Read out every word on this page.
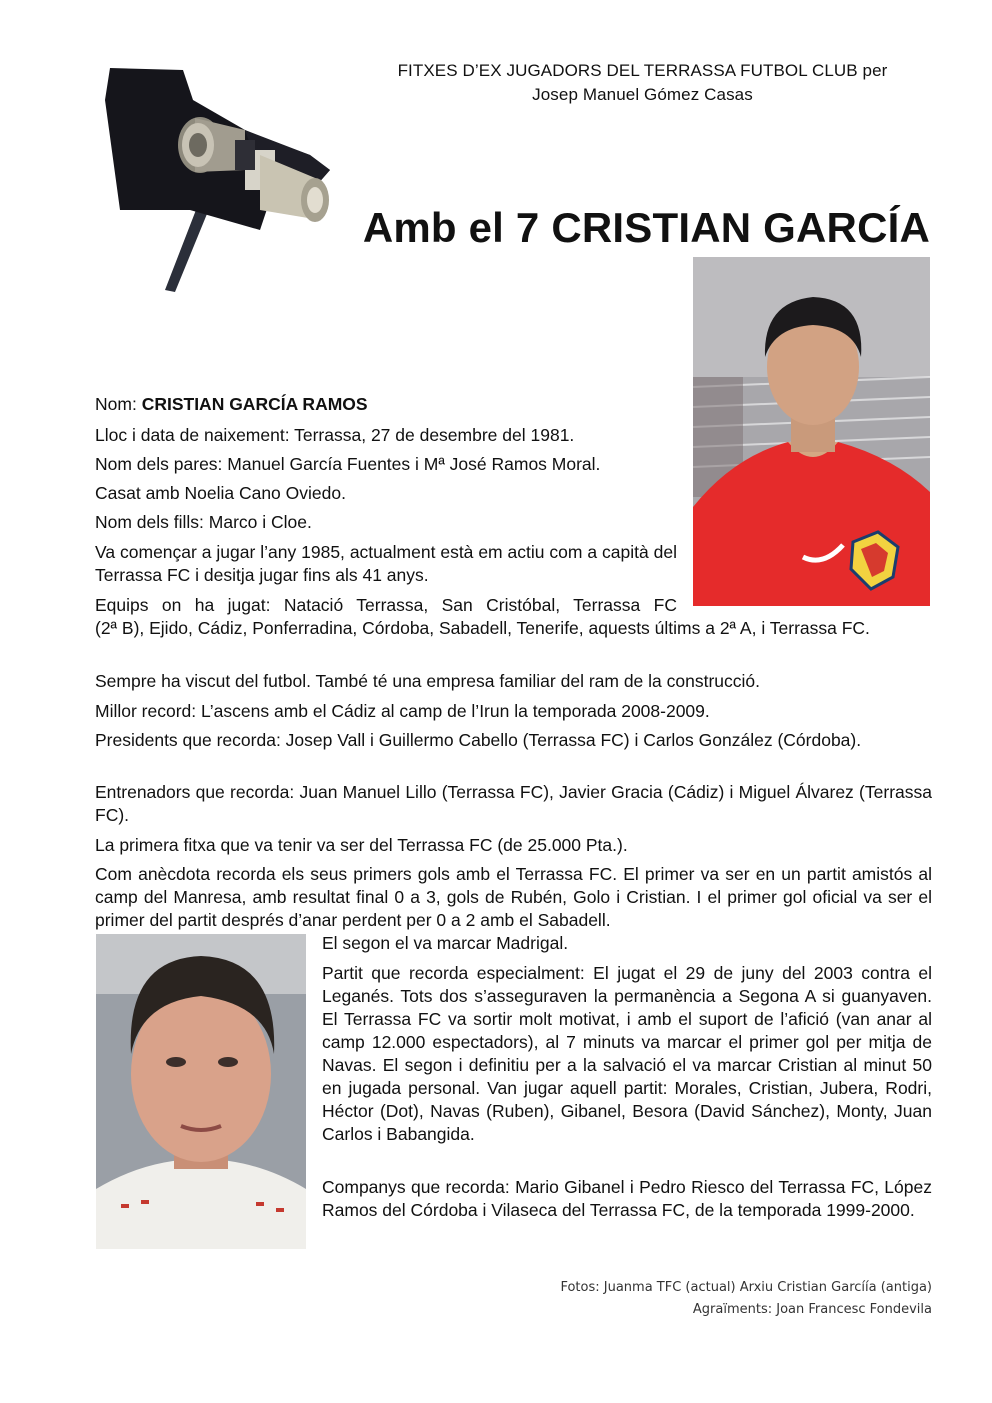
FITXES D’EX JUGADORS DEL TERRASSA FUTBOL CLUB per
Josep Manuel Gómez Casas
Amb el 7 CRISTIAN GARCÍA
Nom: CRISTIAN GARCÍA RAMOS
Lloc i data de naixement: Terrassa, 27 de desembre del 1981.
Nom dels pares: Manuel García Fuentes i Mª José Ramos Moral.
Casat amb Noelia Cano Oviedo.
Nom dels fills: Marco i Cloe.
Va començar a jugar l’any 1985, actualment està em actiu com a capità del Terrassa FC i desitja jugar fins als 41 anys.
Equips on ha jugat: Natació Terrassa, San Cristóbal, Terrassa FC
(2ª B), Ejido, Cádiz, Ponferradina, Córdoba, Sabadell, Tenerife, aquests últims a 2ª A, i Terrassa FC.
Sempre ha viscut del futbol. També té una empresa familiar del ram de la construcció.
Millor record: L’ascens amb el Cádiz al camp de l’Irun la temporada 2008-2009.
Presidents que recorda: Josep Vall i Guillermo Cabello (Terrassa FC) i Carlos González (Córdoba).
Entrenadors que recorda: Juan Manuel Lillo (Terrassa FC), Javier Gracia (Cádiz) i Miguel Álvarez (Terrassa FC).
La primera fitxa que va tenir va ser del Terrassa FC (de 25.000 Pta.).
Com anècdota recorda els seus primers gols amb el Terrassa FC. El primer va ser en un partit amistós al camp del Manresa, amb resultat final 0 a 3, gols de Rubén, Golo i Cristian. I el primer gol oficial va ser el primer del partit després d’anar perdent per 0 a 2 amb el Sabadell.
El segon el va marcar Madrigal.
Partit que recorda especialment: El jugat el 29 de juny del 2003 contra el Leganés. Tots dos s’asseguraven la permanència a Segona A si guanyaven. El Terrassa FC va sortir molt motivat, i amb el suport de l’afició (van anar al camp 12.000 espectadors), al 7 minuts va marcar el primer gol per mitja de Navas. El segon i definitiu per a la salvació el va marcar Cristian al minut 50 en jugada personal. Van jugar aquell partit: Morales, Cristian, Jubera, Rodri, Héctor (Dot), Navas (Ruben), Gibanel, Besora (David Sánchez), Monty, Juan Carlos i Babangida.
Companys que recorda: Mario Gibanel i Pedro Riesco del Terrassa FC, López Ramos del Córdoba i Vilaseca del Terrassa FC, de la temporada 1999-2000.
Fotos: Juanma TFC (actual) Arxiu Cristian Garcíía (antiga)
Agraïments: Joan Francesc Fondevila
